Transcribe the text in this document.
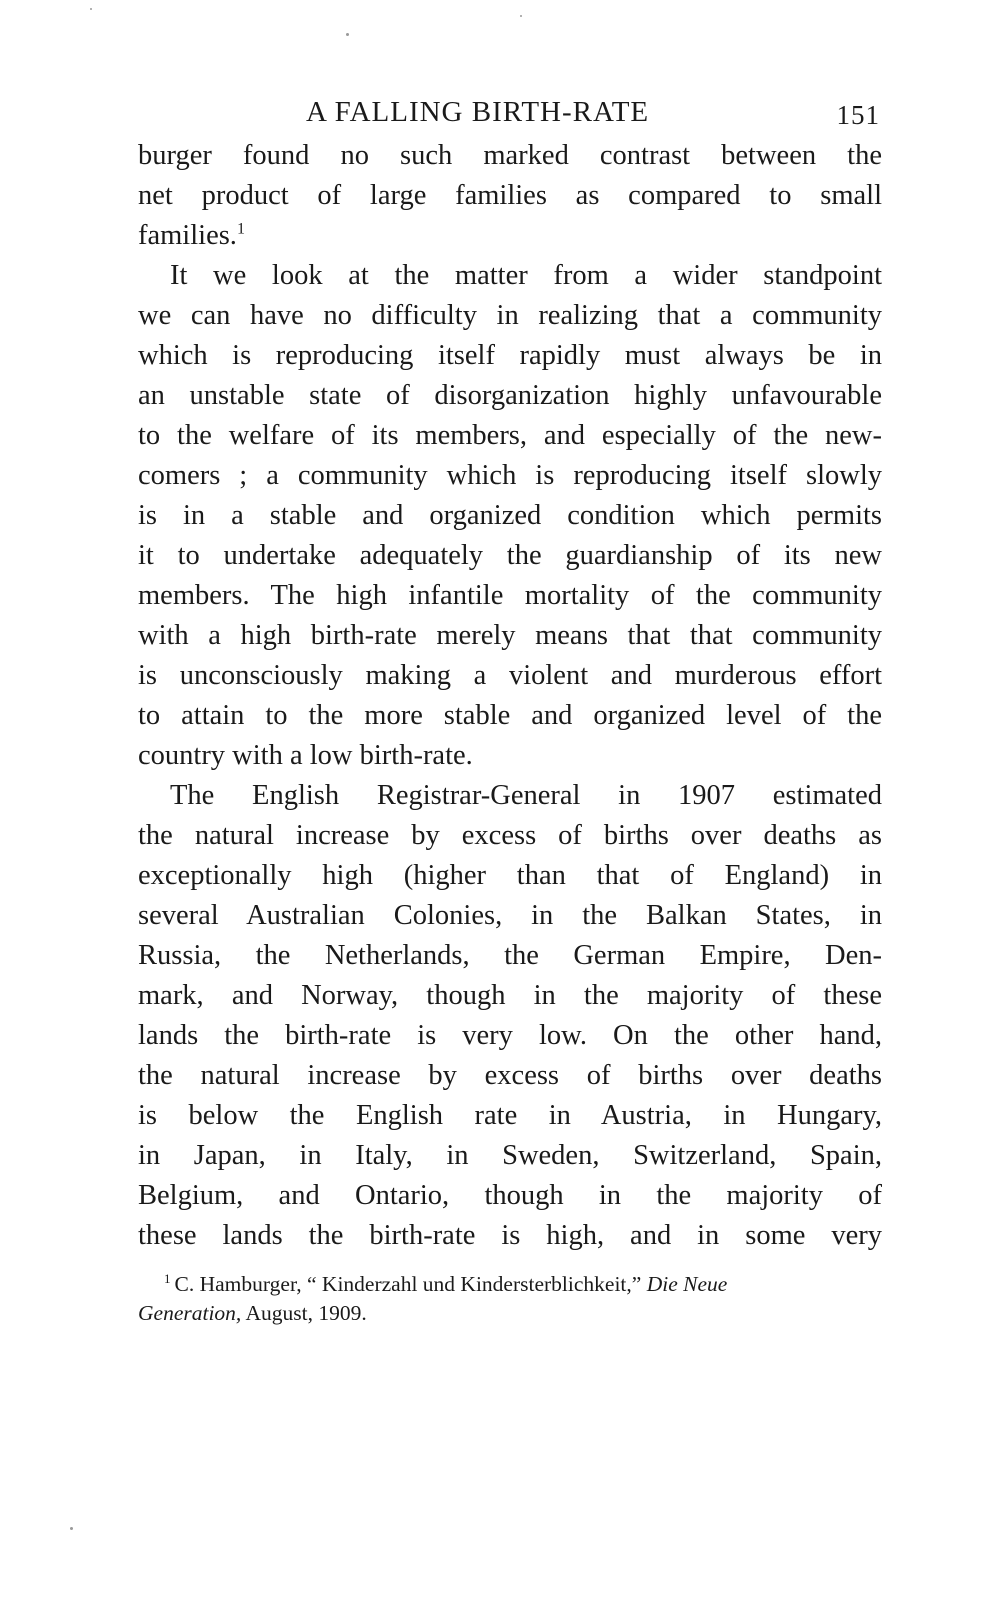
A FALLING BIRTH-RATE	151
burger found no such marked contrast between the
net product of large families as compared to small
families.$^1$
It we look at the matter from a wider standpoint
we can have no difficulty in realizing that a community
which is reproducing itself rapidly must always be in
an unstable state of disorganization highly unfavourable
to the welfare of its members, and especially of the new-
comers ; a community which is reproducing itself slowly
is in a stable and organized condition which permits
it to undertake adequately the guardianship of its new
members. The high infantile mortality of the community
with a high birth-rate merely means that that community
is unconsciously making a violent and murderous effort
to attain to the more stable and organized level of the
country with a low birth-rate.
The English Registrar-General in 1907 estimated
the natural increase by excess of births over deaths as
exceptionally high (higher than that of England) in
several Australian Colonies, in the Balkan States, in
Russia, the Netherlands, the German Empire, Den-
mark, and Norway, though in the majority of these
lands the birth-rate is very low. On the other hand,
the natural increase by excess of births over deaths
is below the English rate in Austria, in Hungary,
in Japan, in Italy, in Sweden, Switzerland, Spain,
Belgium, and Ontario, though in the majority of
these lands the birth-rate is high, and in some very
$^1$ C. Hamburger, “ Kinderzahl und Kindersterblichkeit,” Die Neue
Generation, August, 1909.
